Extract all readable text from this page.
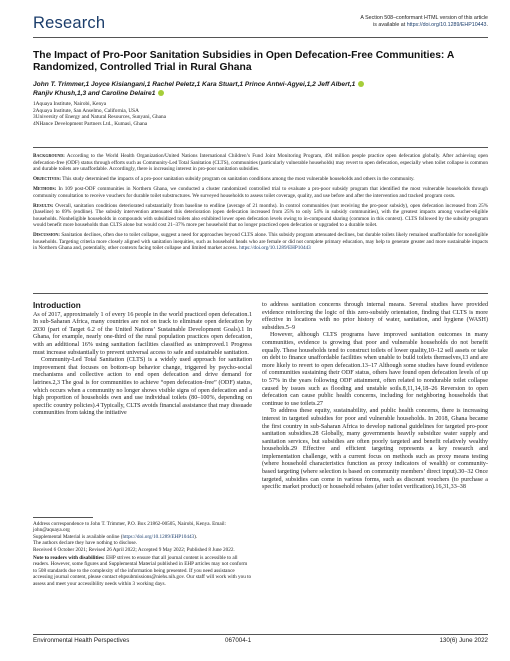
Research	A Section 508–conformant HTML version of this article
is available at https://doi.org/10.1289/EHP10443.
The Impact of Pro-Poor Sanitation Subsidies in Open Defecation-Free Communities: A Randomized, Controlled Trial in Rural Ghana
John T. Trimmer,1 Joyce Kisiangani,1 Rachel Peletz,1 Kara Stuart,1 Prince Antwi-Agyei,1,2 Jeff Albert,1
Ranjiv Khush,1,3 and Caroline Delaire1
1Aquaya Institute, Nairobi, Kenya
2Aquaya Institute, San Anselmo, California, USA
3University of Energy and Natural Resources, Sunyani, Ghana
4NHance Development Partners Ltd., Kumasi, Ghana

Background: According to the World Health Organization/United Nations International Children’s Fund Joint Monitoring Program, 494 million people practice open defecation globally. After achieving open defecation-free (ODF) status through efforts such as Community-Led Total Sanitation (CLTS), communities (particularly vulnerable households) may revert to open defecation, especially when toilet collapse is common and durable toilets are unaffordable. Accordingly, there is increasing interest in pro-poor sanitation subsidies.

Objectives: This study determined the impacts of a pro-poor sanitation subsidy program on sanitation conditions among the most vulnerable households and others in the community.

Methods: In 109 post-ODF communities in Northern Ghana, we conducted a cluster randomized controlled trial to evaluate a pro-poor subsidy program that identified the most vulnerable households through community consultation to receive vouchers for durable toilet substructures. We surveyed households to assess toilet coverage, quality, and use before and after the intervention and tracked program costs.

Results: Overall, sanitation conditions deteriorated substantially from baseline to endline (average of 21 months). In control communities (not receiving the pro-poor subsidy), open defecation increased from 25% (baseline) to 69% (endline). The subsidy intervention attenuated this deterioration (open defecation increased from 25% to only 54% in subsidy communities), with the greatest impacts among voucher-eligible households. Nonheligible households in compounds with subsidized toilets also exhibited lower open defecation levels owing to in-compound sharing (common in this context). CLTS followed by the subsidy program would benefit more households than CLTS alone but would cost 21–37% more per household that no longer practiced open defecation or upgraded to a durable toilet.

Discussion: Sanitation declines, often due to toilet collapse, suggest a need for approaches beyond CLTS alone. This subsidy program attenuated declines, but durable toilets likely remained unaffordable for noneligible households. Targeting criteria more closely aligned with sanitation inequities, such as household heads who are female or did not complete primary education, may help to generate greater and more sustainable impacts in Northern Ghana and, potentially, other contexts facing toilet collapse and limited market access. https://doi.org/10.1289/EHP10443

Introduction

As of 2017, approximately 1 of every 16 people in the world practiced open defecation.1 In sub-Saharan Africa, many countries are not on track to eliminate open defecation by 2030 (part of Target 6.2 of the United Nations’ Sustainable Development Goals).1 In Ghana, for example, nearly one-third of the rural population practices open defecation, with an additional 16% using sanitation facilities classified as unimproved.1 Progress must increase substantially to prevent universal access to safe and sustainable sanitation.

Community-Led Total Sanitation (CLTS) is a widely used approach for sanitation improvement that focuses on bottom-up behavior change, triggered by psycho-social mechanisms and collective action to end open defecation and drive demand for latrines.2,3 The goal is for communities to achieve “open defecation-free” (ODF) status, which occurs when a community no longer shows visible signs of open defecation and a high proportion of households own and use individual toilets (80–100%, depending on specific country policies).4 Typically, CLTS avoids financial assistance that may dissuade communities from taking the initiative

to address sanitation concerns through internal means. Several studies have provided evidence reinforcing the logic of this zero-subsidy orientation, finding that CLTS is more effective in locations with no prior history of water, sanitation, and hygiene (WASH) subsidies.5–9

However, although CLTS programs have improved sanitation outcomes in many communities, evidence is growing that poor and vulnerable households do not benefit equally. These households tend to construct toilets of lower quality,10–12 sell assets or take on debt to finance unaffordable facilities when unable to build toilets themselves,13 and are more likely to revert to open defecation.13–17 Although some studies have found evidence of communities sustaining their ODF status, others have found open defecation levels of up to 57% in the years following ODF attainment, often related to nondurable toilet collapse caused by issues such as flooding and unstable soils.8,11,14,18–26 Reversion to open defecation can cause public health concerns, including for neighboring households that continue to use toilets.27

To address these equity, sustainability, and public health concerns, there is increasing interest in targeted subsidies for poor and vulnerable households. In 2018, Ghana became the first country in sub-Saharan Africa to develop national guidelines for targeted pro-poor sanitation subsidies.28 Globally, many governments heavily subsidize water supply and sanitation services, but subsidies are often poorly targeted and benefit relatively wealthy households.29 Effective and efficient targeting represents a key research and implementation challenge, with a current focus on methods such as proxy means testing (where household characteristics function as proxy indicators of wealth) or community-based targeting (where selection is based on community members’ direct input).30–32 Once targeted, subsidies can come in various forms, such as discount vouchers (to purchase a specific market product) or household rebates (after toilet verification).16,31,33–38

Address correspondence to John T. Trimmer, P.O. Box 21862-00505, Nairobi, Kenya. Email: john@aquaya.org

Supplemental Material is available online (https://doi.org/10.1289/EHP10443).

The authors declare they have nothing to disclose.

Received 6 October 2021; Revised 26 April 2022; Accepted 9 May 2022; Published 8 June 2022.

Note to readers with disabilities: EHP strives to ensure that all journal content is accessible to all readers. However, some figures and Supplemental Material published in EHP articles may not conform to 508 standards due to the complexity of the information being presented. If you need assistance accessing journal content, please contact ehpsubmissions@niehs.nih.gov. Our staff will work with you to assess and meet your accessibility needs within 3 working days.

Environmental Health Perspectives	067004-1	130(6) June 2022
